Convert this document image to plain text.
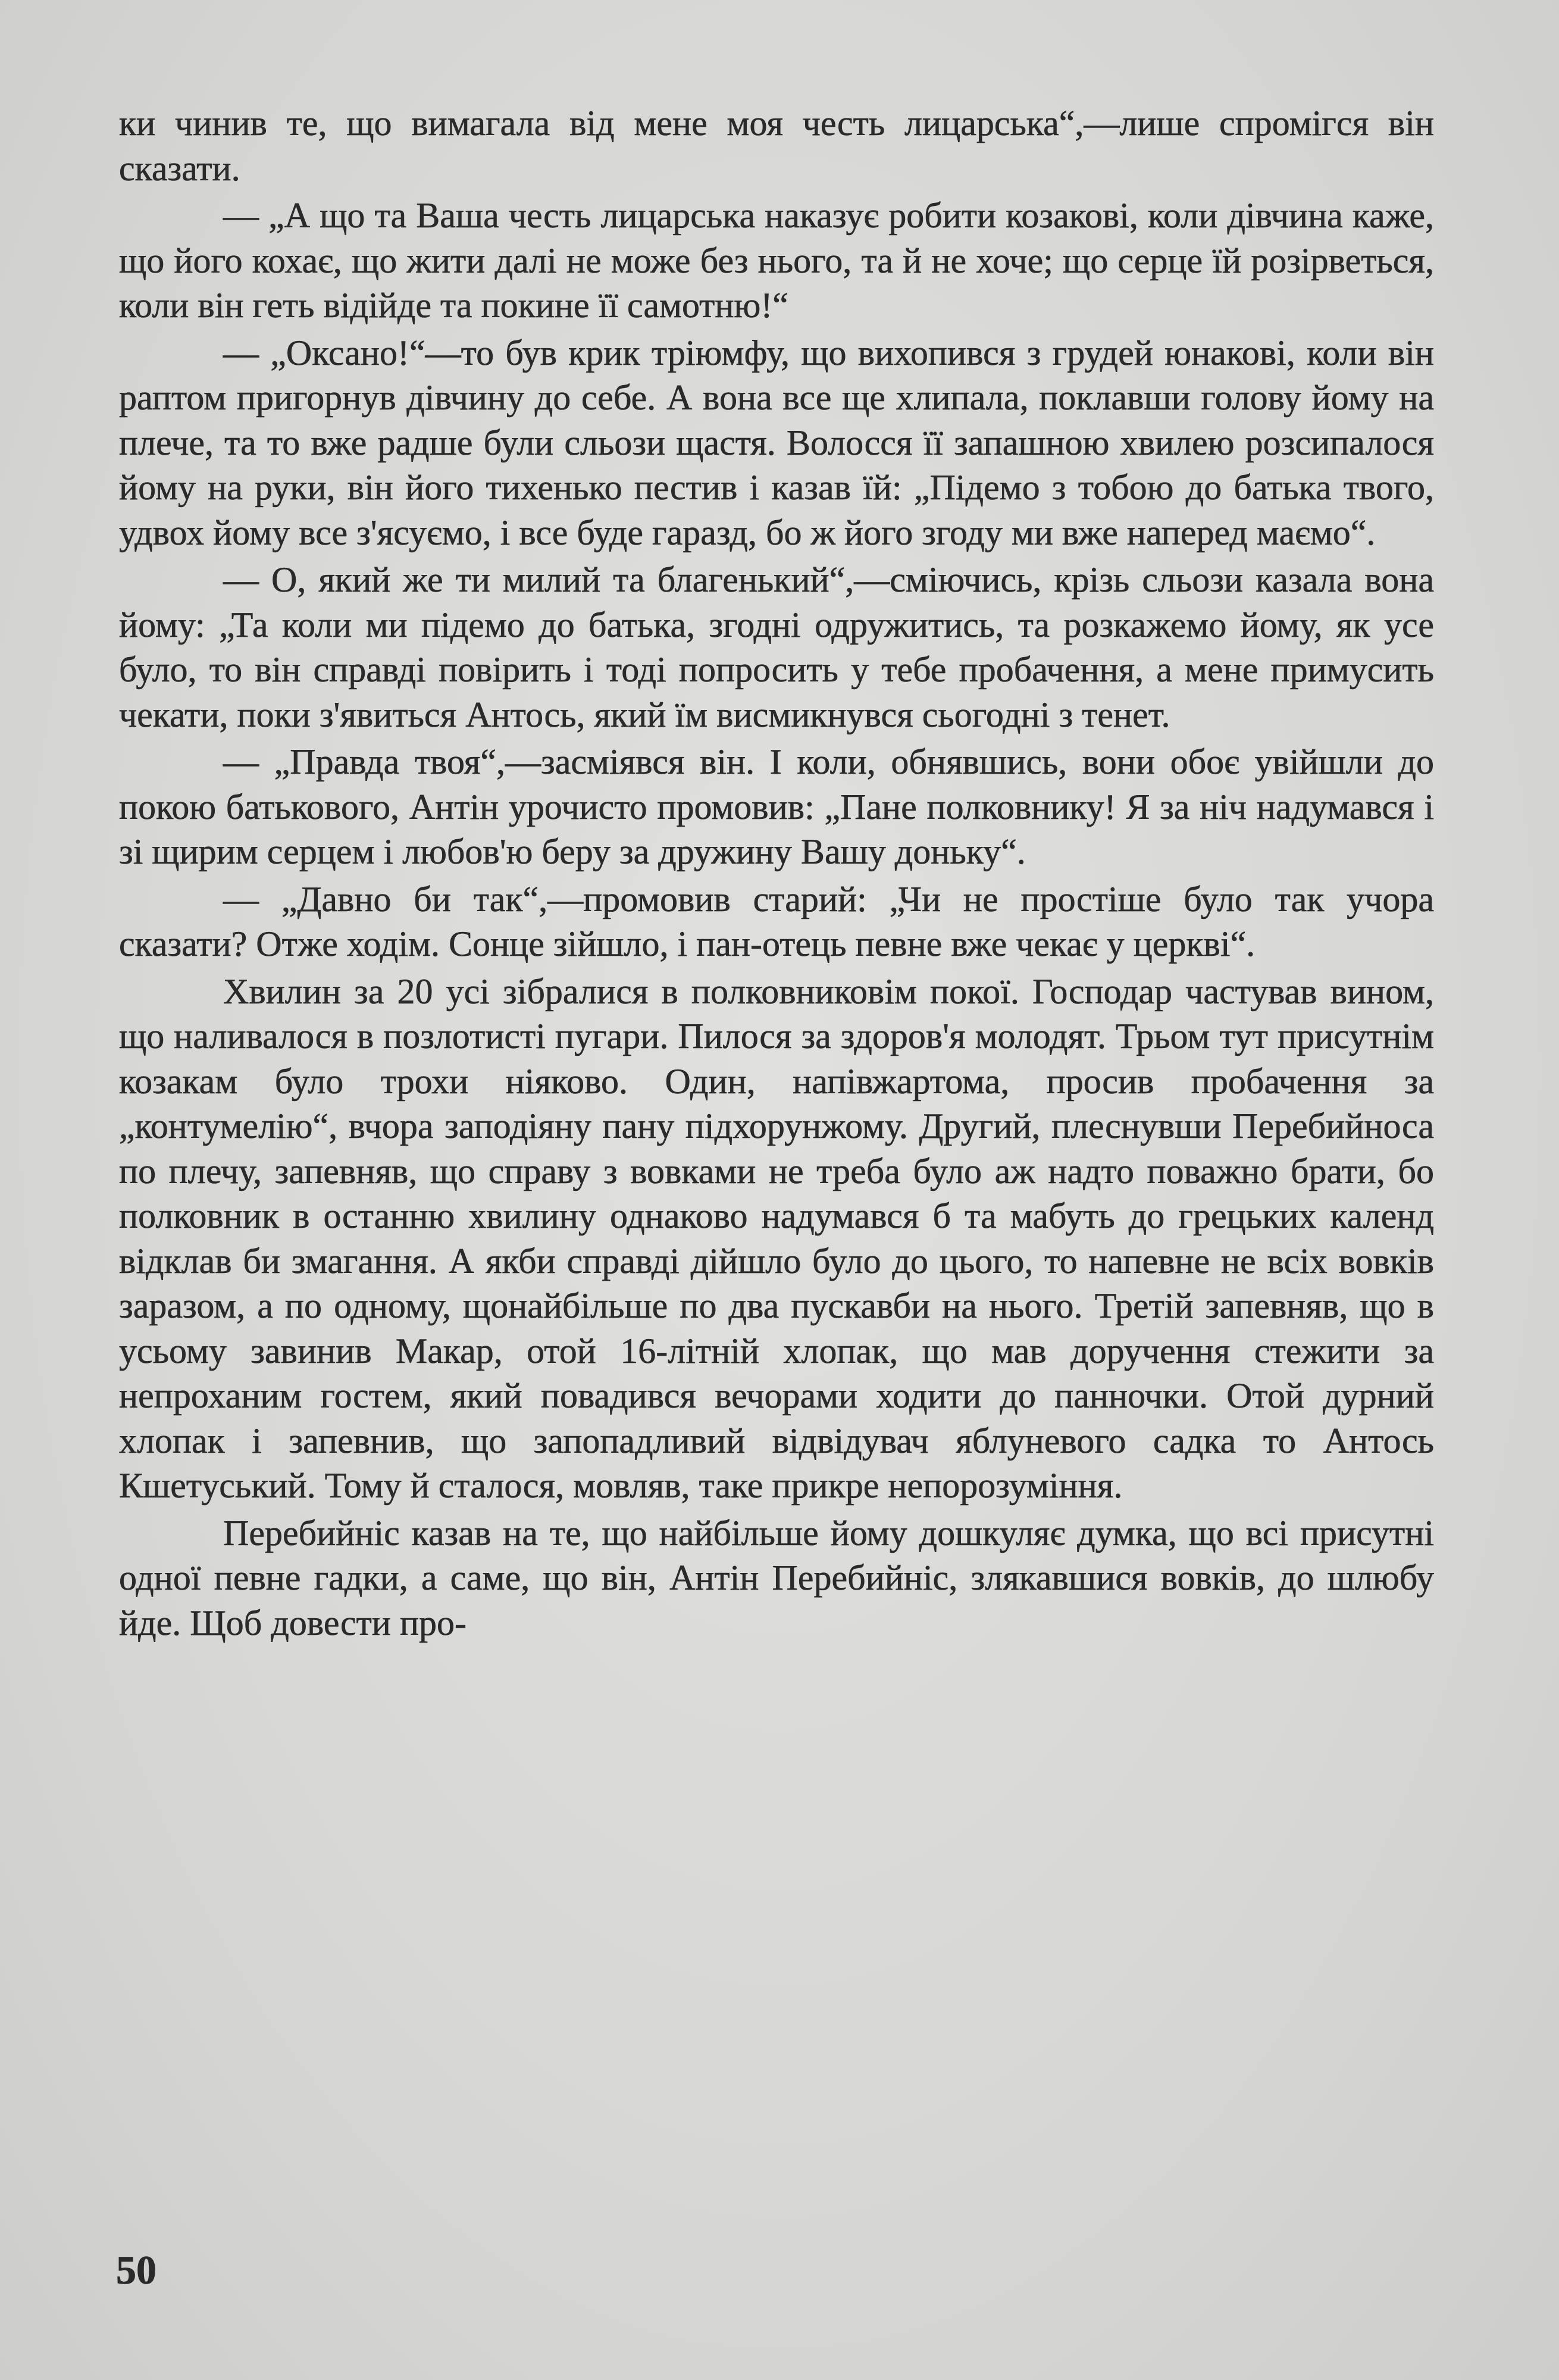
ки чинив те, що вимагала від мене моя честь лицарська“,—лише спромігся він сказати.

— „А що та Ваша честь лицарська наказує робити козакові, коли дівчина каже, що його кохає, що жити далі не може без нього, та й не хоче; що серце їй розірветься, коли він геть відійде та покине її самотню!“

— „Оксано!“—то був крик тріюмфу, що вихопився з грудей юнакові, коли він раптом пригорнув дівчину до себе. А вона все ще хлипала, поклавши голову йому на плече, та то вже радше були сльози щастя. Волосся її запашною хвилею розсипалося йому на руки, він його тихенько пестив і казав їй: „Підемо з тобою до батька твого, удвох йому все з'ясуємо, і все буде гаразд, бо ж його згоду ми вже наперед маємо“.

— О, який же ти милий та благенький“,—сміючись, крізь сльози казала вона йому: „Та коли ми підемо до батька, згодні одружитись, та розкажемо йому, як усе було, то він справді повірить і тоді попросить у тебе пробачення, а мене примусить чекати, поки з'явиться Антось, який їм висмикнувся сьогодні з тенет.

— „Правда твоя“,—засміявся він. І коли, обнявшись, вони обоє увійшли до покою батькового, Антін урочисто промовив: „Пане полковнику! Я за ніч надумався і зі щирим серцем і любов'ю беру за дружину Вашу доньку“.

— „Давно би так“,—промовив старий: „Чи не простіше було так учора сказати? Отже ходім. Сонце зійшло, і пан-отець певне вже чекає у церкві“.

Хвилин за 20 усі зібралися в полковниковім покої. Господар частував вином, що наливалося в позлотисті пугари. Пилося за здоров'я молодят. Трьом тут присутнім козакам було трохи ніяково. Один, напівжартома, просив пробачення за „контумелію“, вчора заподіяну пану підхорунжому. Другий, плеснувши Перебийноса по плечу, запевняв, що справу з вовками не треба було аж надто поважно брати, бо полковник в останню хвилину однаково надумався б та мабуть до грецьких календ відклав би змагання. А якби справді дійшло було до цього, то напевне не всіх вовків заразом, а по одному, щонайбільше по два пускавби на нього. Третій запевняв, що в усьому завинив Макар, отой 16-літній хлопак, що мав доручення стежити за непроханим гостем, який повадився вечорами ходити до панночки. Отой дурний хлопак і запевнив, що запопадливий відвідувач яблуневого садка то Антось Кшетуський. Тому й сталося, мовляв, таке прикре непорозуміння.

Перебийніс казав на те, що найбільше йому дошкуляє думка, що всі присутні одної певне гадки, а саме, що він, Антін Перебийніс, злякавшися вовків, до шлюбу йде. Щоб довести про-

50
